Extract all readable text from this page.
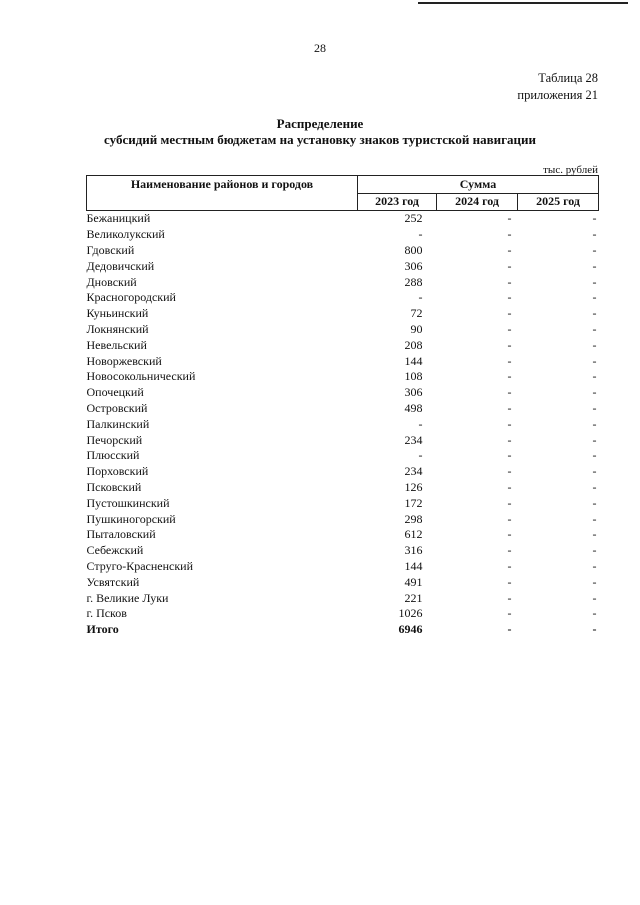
28
Таблица 28
приложения 21
Распределение
субсидий местным бюджетам на установку знаков туристской навигации
тыс. рублей
Наименование районов и городов	Сумма		
	2023 год	2024 год	2025 год
Бежаницкий	252	-	-
Великолукский	-	-	-
Гдовский	800	-	-
Дедовичский	306	-	-
Дновский	288	-	-
Красногородский	-	-	-
Куньинский	72	-	-
Локнянский	90	-	-
Невельский	208	-	-
Новоржевский	144	-	-
Новосокольнический	108	-	-
Опочецкий	306	-	-
Островский	498	-	-
Палкинский	-	-	-
Печорский	234	-	-
Плюсский	-	-	-
Порховский	234	-	-
Псковский	126	-	-
Пустошкинский	172	-	-
Пушкиногорский	298	-	-
Пыталовский	612	-	-
Себежский	316	-	-
Струго-Красненский	144	-	-
Усвятский	491	-	-
г. Великие Луки	221	-	-
г. Псков	1026	-	-
Итого	6946	-	-
